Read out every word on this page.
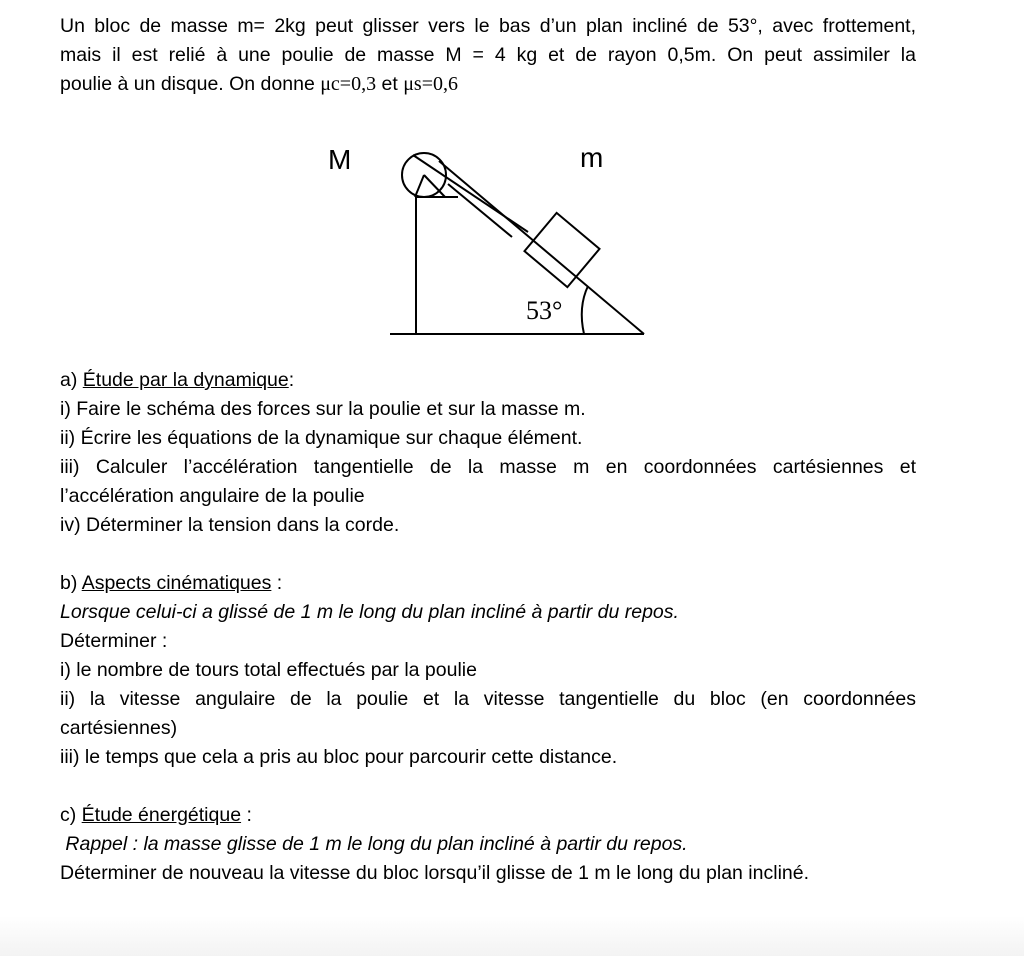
Un bloc de masse m= 2kg peut glisser vers le bas d’un plan incliné de 53°, avec frottement,

mais il est relié à une poulie de masse M = 4 kg et de rayon 0,5m. On peut assimiler la

poulie à un disque. On donne μc=0,3 et μs=0,6

M	m
53°

a) Étude par la dynamique:

i) Faire le schéma des forces sur la poulie et sur la masse m.

ii) Écrire les équations de la dynamique sur chaque élément.

iii) Calculer l’accélération tangentielle de la masse m en coordonnées cartésiennes et

l’accélération angulaire de la poulie

iv) Déterminer la tension dans la corde.

b) Aspects cinématiques :

Lorsque celui-ci a glissé de 1 m le long du plan incliné à partir du repos.

Déterminer :

i) le nombre de tours total effectués par la poulie

ii) la vitesse angulaire de la poulie et la vitesse tangentielle du bloc (en coordonnées

cartésiennes)

iii) le temps que cela a pris au bloc pour parcourir cette distance.

c) Étude énergétique :

Rappel : la masse glisse de 1 m le long du plan incliné à partir du repos.

Déterminer de nouveau la vitesse du bloc lorsqu’il glisse de 1 m le long du plan incliné.
